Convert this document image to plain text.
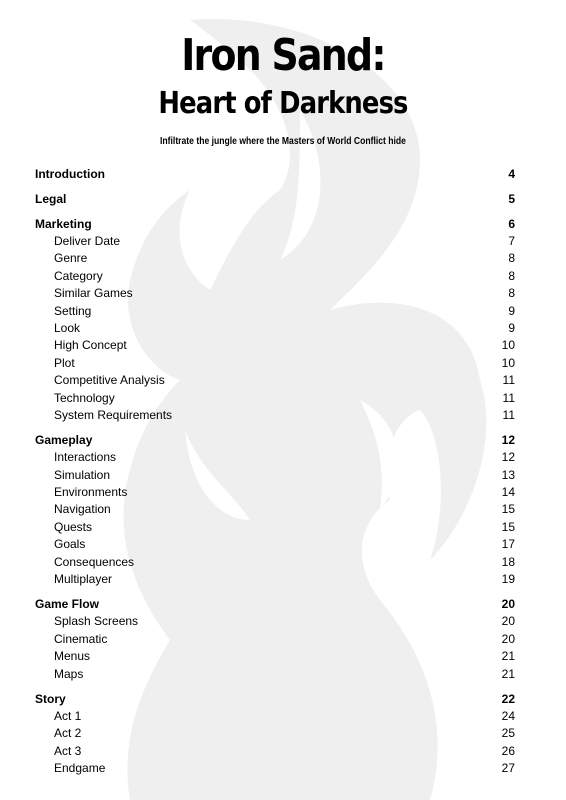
Iron Sand:
Heart of Darkness
Infiltrate the jungle where the Masters of World Conflict hide
Introduction	4
Legal	5
Marketing	6
Deliver Date	7
Genre	8
Category	8
Similar Games	8
Setting	9
Look	9
High Concept	10
Plot	10
Competitive Analysis	11
Technology	11
System Requirements	11
Gameplay	12
Interactions	12
Simulation	13
Environments	14
Navigation	15
Quests	15
Goals	17
Consequences	18
Multiplayer	19
Game Flow	20
Splash Screens	20
Cinematic	20
Menus	21
Maps	21
Story	22
Act 1	24
Act 2	25
Act 3	26
Endgame	27
